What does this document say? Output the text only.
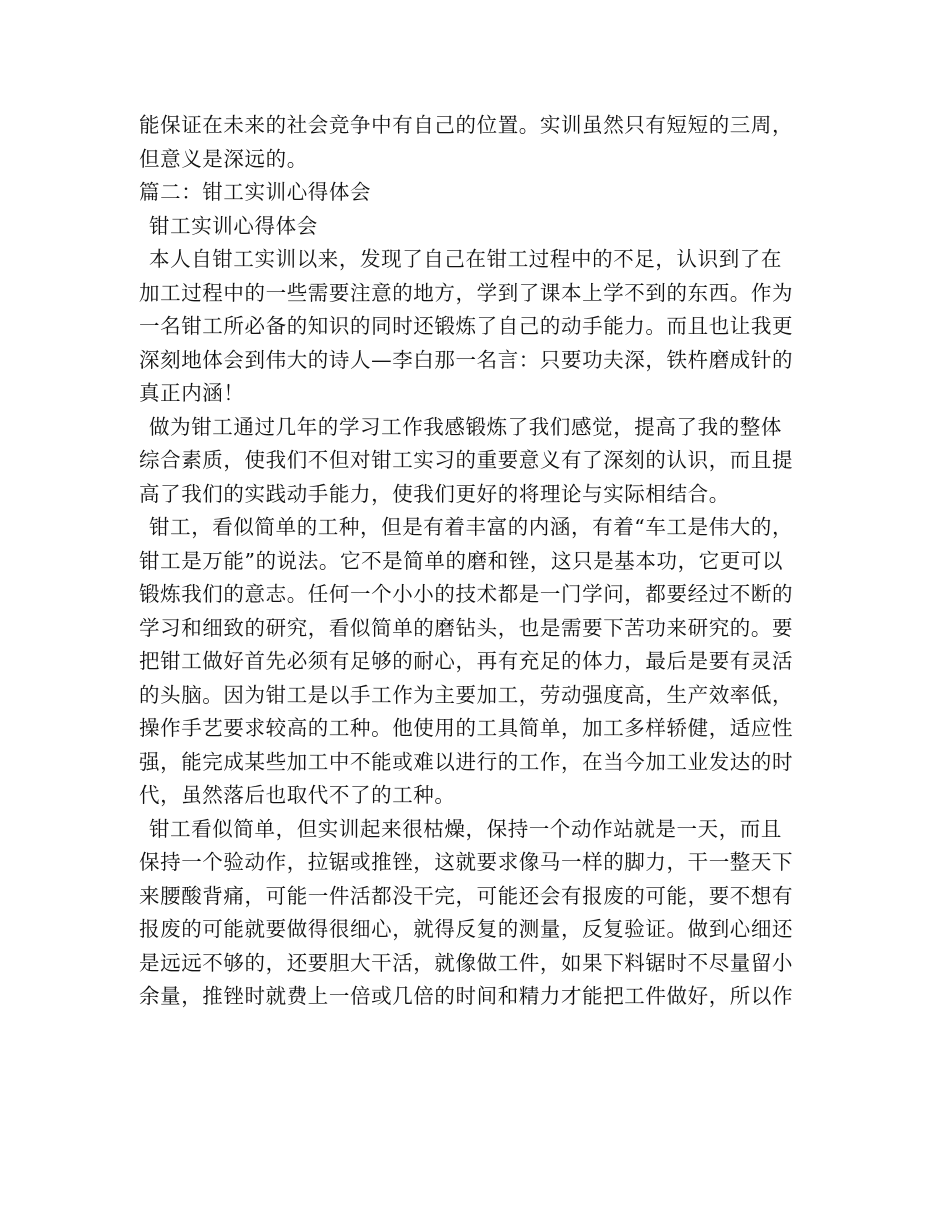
能保证在未来的社会竞争中有自己的位置。实训虽然只有短短的三周，
但意义是深远的。
篇二：钳工实训心得体会
钳工实训心得体会
本人自钳工实训以来，发现了自己在钳工过程中的不足，认识到了在
加工过程中的一些需要注意的地方，学到了课本上学不到的东西。作为
一名钳工所必备的知识的同时还锻炼了自己的动手能力。而且也让我更
深刻地体会到伟大的诗人—李白那一名言：只要功夫深，铁杵磨成针的
真正内涵！
做为钳工通过几年的学习工作我感锻炼了我们感觉，提高了我的整体
综合素质，使我们不但对钳工实习的重要意义有了深刻的认识，而且提
高了我们的实践动手能力，使我们更好的将理论与实际相结合。
钳工，看似简单的工种，但是有着丰富的内涵，有着“车工是伟大的，
钳工是万能”的说法。它不是简单的磨和锉，这只是基本功，它更可以
锻炼我们的意志。任何一个小小的技术都是一门学问，都要经过不断的
学习和细致的研究，看似简单的磨钻头，也是需要下苦功来研究的。要
把钳工做好首先必须有足够的耐心，再有充足的体力，最后是要有灵活
的头脑。因为钳工是以手工作为主要加工，劳动强度高，生产效率低，
操作手艺要求较高的工种。他使用的工具简单，加工多样轿健，适应性
强，能完成某些加工中不能或难以进行的工作，在当今加工业发达的时
代，虽然落后也取代不了的工种。
钳工看似简单，但实训起来很枯燥，保持一个动作站就是一天，而且
保持一个验动作，拉锯或推锉，这就要求像马一样的脚力，干一整天下
来腰酸背痛，可能一件活都没干完，可能还会有报废的可能，要不想有
报废的可能就要做得很细心，就得反复的测量，反复验证。做到心细还
是远远不够的，还要胆大干活，就像做工件，如果下料锯时不尽量留小
余量，推锉时就费上一倍或几倍的时间和精力才能把工件做好，所以作
